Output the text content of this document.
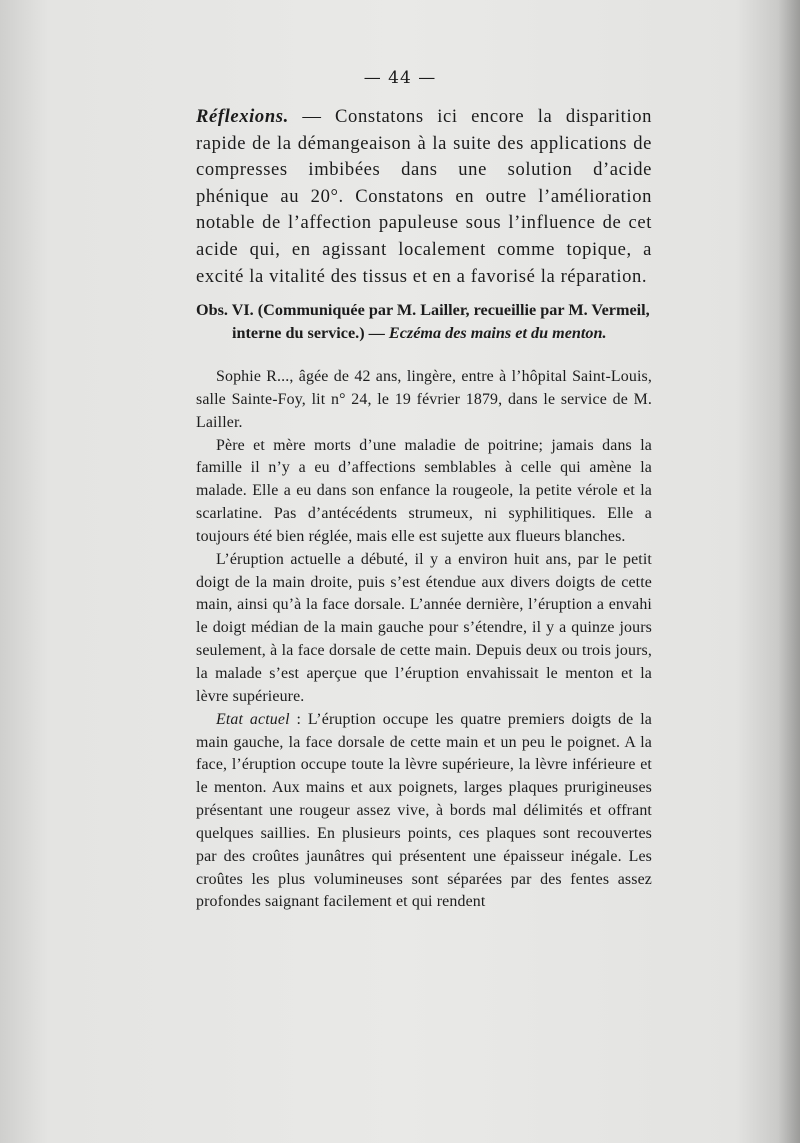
— 44 —

Réflexions. — Constatons ici encore la disparition rapide de la démangeaison à la suite des applications de compresses imbibées dans une solution d’acide phénique au 20°. Constatons en outre l’amélioration notable de l’affection papuleuse sous l’influence de cet acide qui, en agissant localement comme topique, a excité la vitalité des tissus et en a favorisé la réparation.

Obs. VI. (Communiquée par M. Lailler, recueillie par M. Vermeil,
interne du service.) — Eczéma des mains et du menton.

Sophie R..., âgée de 42 ans, lingère, entre à l’hôpital Saint-Louis, salle Sainte-Foy, lit n° 24, le 19 février 1879, dans le service de M. Lailler.

Père et mère morts d’une maladie de poitrine; jamais dans la famille il n’y a eu d’affections semblables à celle qui amène la malade. Elle a eu dans son enfance la rougeole, la petite vérole et la scarlatine. Pas d’antécédents strumeux, ni syphilitiques. Elle a toujours été bien réglée, mais elle est sujette aux flueurs blanches.

L’éruption actuelle a débuté, il y a environ huit ans, par le petit doigt de la main droite, puis s’est étendue aux divers doigts de cette main, ainsi qu’à la face dorsale. L’année dernière, l’éruption a envahi le doigt médian de la main gauche pour s’étendre, il y a quinze jours seulement, à la face dorsale de cette main. Depuis deux ou trois jours, la malade s’est aperçue que l’éruption envahissait le menton et la lèvre supérieure.

Etat actuel : L’éruption occupe les quatre premiers doigts de la main gauche, la face dorsale de cette main et un peu le poignet. A la face, l’éruption occupe toute la lèvre supérieure, la lèvre inférieure et le menton. Aux mains et aux poignets, larges plaques prurigineuses présentant une rougeur assez vive, à bords mal délimités et offrant quelques saillies. En plusieurs points, ces plaques sont recouvertes par des croûtes jaunâtres qui présentent une épaisseur inégale. Les croûtes les plus volumineuses sont séparées par des fentes assez profondes saignant facilement et qui rendent
